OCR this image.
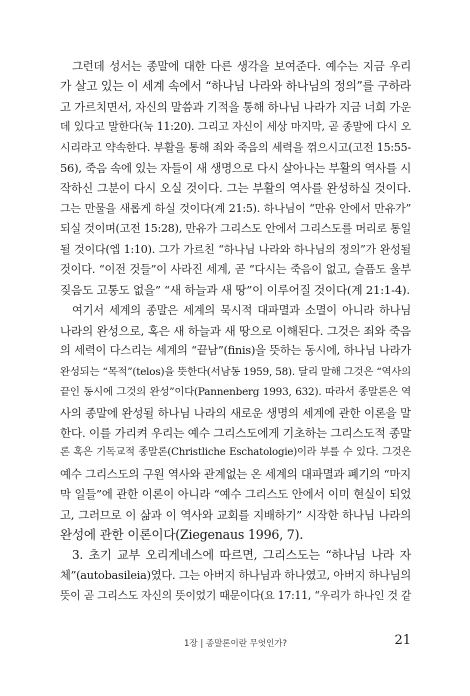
그런데 성서는 종말에 대한 다른 생각을 보여준다. 예수는 지금 우리
가 살고 있는 이 세계 속에서 “하나님 나라와 하나님의 정의”를 구하라
고 가르치면서, 자신의 말씀과 기적을 통해 하나님 나라가 지금 너희 가운
데 있다고 말한다(눅 11:20). 그리고 자신이 세상 마지막, 곧 종말에 다시 오
시리라고 약속한다. 부활을 통해 죄와 죽음의 세력을 꺾으시고(고전 15:55-
56), 죽음 속에 있는 자들이 새 생명으로 다시 살아나는 부활의 역사를 시
작하신 그분이 다시 오실 것이다. 그는 부활의 역사를 완성하실 것이다.
그는 만물을 새롭게 하실 것이다(계 21:5). 하나님이 “만유 안에서 만유가”
되실 것이며(고전 15:28), 만유가 그리스도 안에서 그리스도를 머리로 통일
될 것이다(엡 1:10). 그가 가르친 “하나님 나라와 하나님의 정의”가 완성될
것이다. “이전 것들”이 사라진 세계, 곧 “다시는 죽음이 없고, 슬픔도 울부
짖음도 고통도 없을” “새 하늘과 새 땅”이 이루어질 것이다(계 21:1-4).
여기서 세계의 종말은 세계의 묵시적 대파멸과 소멸이 아니라 하나님
나라의 완성으로, 혹은 새 하늘과 새 땅으로 이해된다. 그것은 죄와 죽음
의 세력이 다스리는 세계의 “끝남”(finis)을 뜻하는 동시에, 하나님 나라가
완성되는 “목적”(telos)을 뜻한다(서남동 1959, 58). 달리 말해 그것은 “역사의
끝인 동시에 그것의 완성”이다(Pannenberg 1993, 632). 따라서 종말론은 역
사의 종말에 완성될 하나님 나라의 새로운 생명의 세계에 관한 이론을 말
한다. 이를 가리켜 우리는 예수 그리스도에게 기초하는 그리스도적 종말
론 혹은 기독교적 종말론(Christliche Eschatologie)이라 부를 수 있다. 그것은
예수 그리스도의 구원 역사와 관계없는 온 세계의 대파멸과 폐기의 “마지
막 일들”에 관한 이론이 아니라 “예수 그리스도 안에서 이미 현실이 되었
고, 그러므로 이 삶과 이 역사와 교회를 지배하기” 시작한 하나님 나라의
완성에 관한 이론이다(Ziegenaus 1996, 7).
3. 초기 교부 오리게네스에 따르면, 그리스도는 “하나님 나라 자
체”(autobasileia)였다. 그는 아버지 하나님과 하나였고, 아버지 하나님의
뜻이 곧 그리스도 자신의 뜻이었기 때문이다(요 17:11, “우리가 하나인 것 같
1장 | 종말론이란 무엇인가?	21
